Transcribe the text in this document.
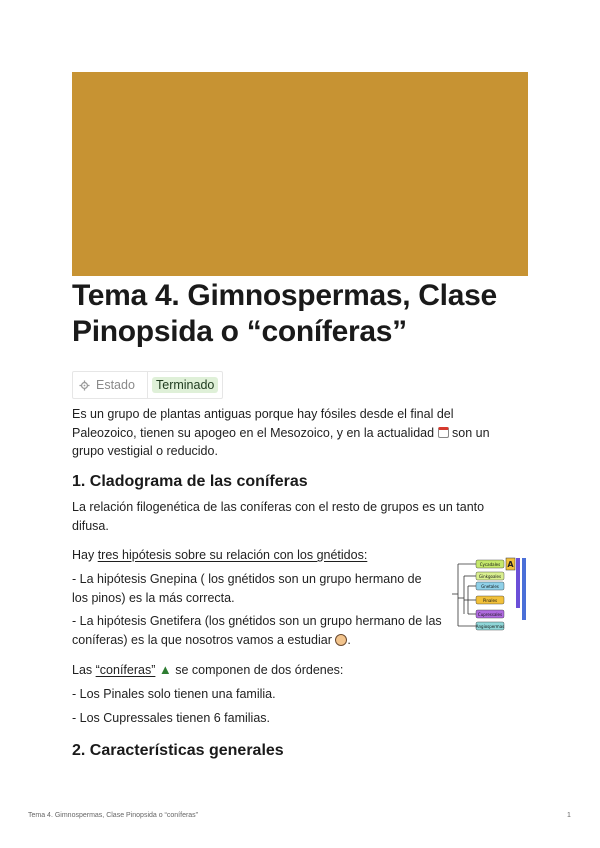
Tema 4. Gimnospermas, Clase Pinopsida o “coníferas”
Estado	Terminado

Es un grupo de plantas antiguas porque hay fósiles desde el final del Paleozoico, tienen su apogeo en el Mesozoico, y en la actualidad son un grupo vestigial o reducido.

1. Cladograma de las coníferas

La relación filogenética de las coníferas con el resto de grupos es un tanto difusa.

Hay tres hipótesis sobre su relación con los gnétidos:

- La hipótesis Gnepina ( los gnétidos son un grupo hermano de los pinos) es la más correcta.

- La hipótesis Gnetifera (los gnétidos son un grupo hermano de las coníferas) es la que nosotros vamos a estudiar .

Las “coníferas” ▲ se componen de dos órdenes:

- Los Pinales solo tienen una familia.

- Los Cupressales tienen 6 familias.

2. Características generales
Cycadales
Ginkgoales
Gnetales
Pinales
Cupressales
Angiospermas
A
Tema 4. Gimnospermas, Clase Pinopsida o “coníferas”	1
